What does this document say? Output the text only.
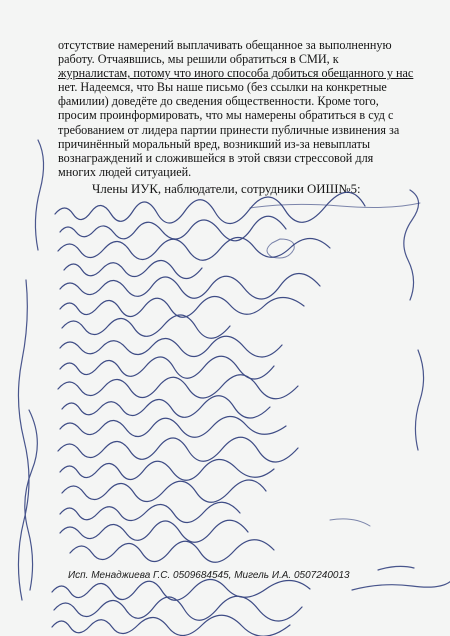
отсутствие намерений выплачивать обещанное за выполненную

работу. Отчаявшись, мы решили обратиться в СМИ, к

журналистам, потому что иного способа добиться обещанного у нас

нет. Надеемся, что Вы наше письмо (без ссылки на конкретные

фамилии) доведёте до сведения общественности. Кроме того,

просим проинформировать, что мы намерены обратиться в суд с

требованием от лидера партии принести публичные извинения за

причинённый моральный вред, возникший из-за невыплаты

вознаграждений и сложившейся в этой связи стрессовой для

многих людей ситуацией.

Члены ИУК, наблюдатели, сотрудники ОИШ№5:
Исп. Менаджиева Г.С. 0509684545, Мигель И.А. 0507240013
